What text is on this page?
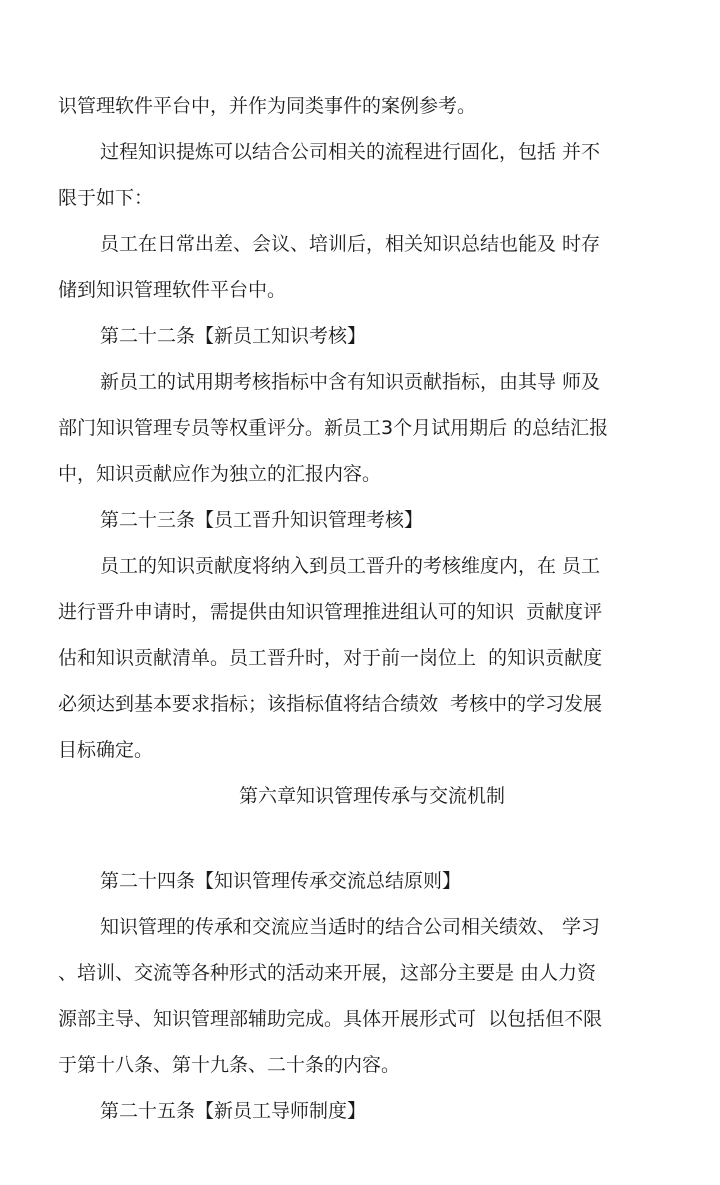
识管理软件平台中，并作为同类事件的案例参考。
过程知识提炼可以结合公司相关的流程进行固化，包括 并不
限于如下：
员工在日常出差、会议、培训后，相关知识总结也能及 时存
储到知识管理软件平台中。
第二十二条【新员工知识考核】
新员工的试用期考核指标中含有知识贡献指标，由其导 师及
部门知识管理专员等权重评分。新员工3个月试用期后 的总结汇报
中，知识贡献应作为独立的汇报内容。
第二十三条【员工晋升知识管理考核】
员工的知识贡献度将纳入到员工晋升的考核维度内，在 员工
进行晋升申请时，需提供由知识管理推进组认可的知识  贡献度评
估和知识贡献清单。员工晋升时，对于前一岗位上  的知识贡献度
必须达到基本要求指标；该指标值将结合绩效  考核中的学习发展
目标确定。
第六章知识管理传承与交流机制
第二十四条【知识管理传承交流总结原则】
知识管理的传承和交流应当适时的结合公司相关绩效、 学习
、培训、交流等各种形式的活动来开展，这部分主要是 由人力资
源部主导、知识管理部辅助完成。具体开展形式可  以包括但不限
于第十八条、第十九条、二十条的内容。
第二十五条【新员工导师制度】
